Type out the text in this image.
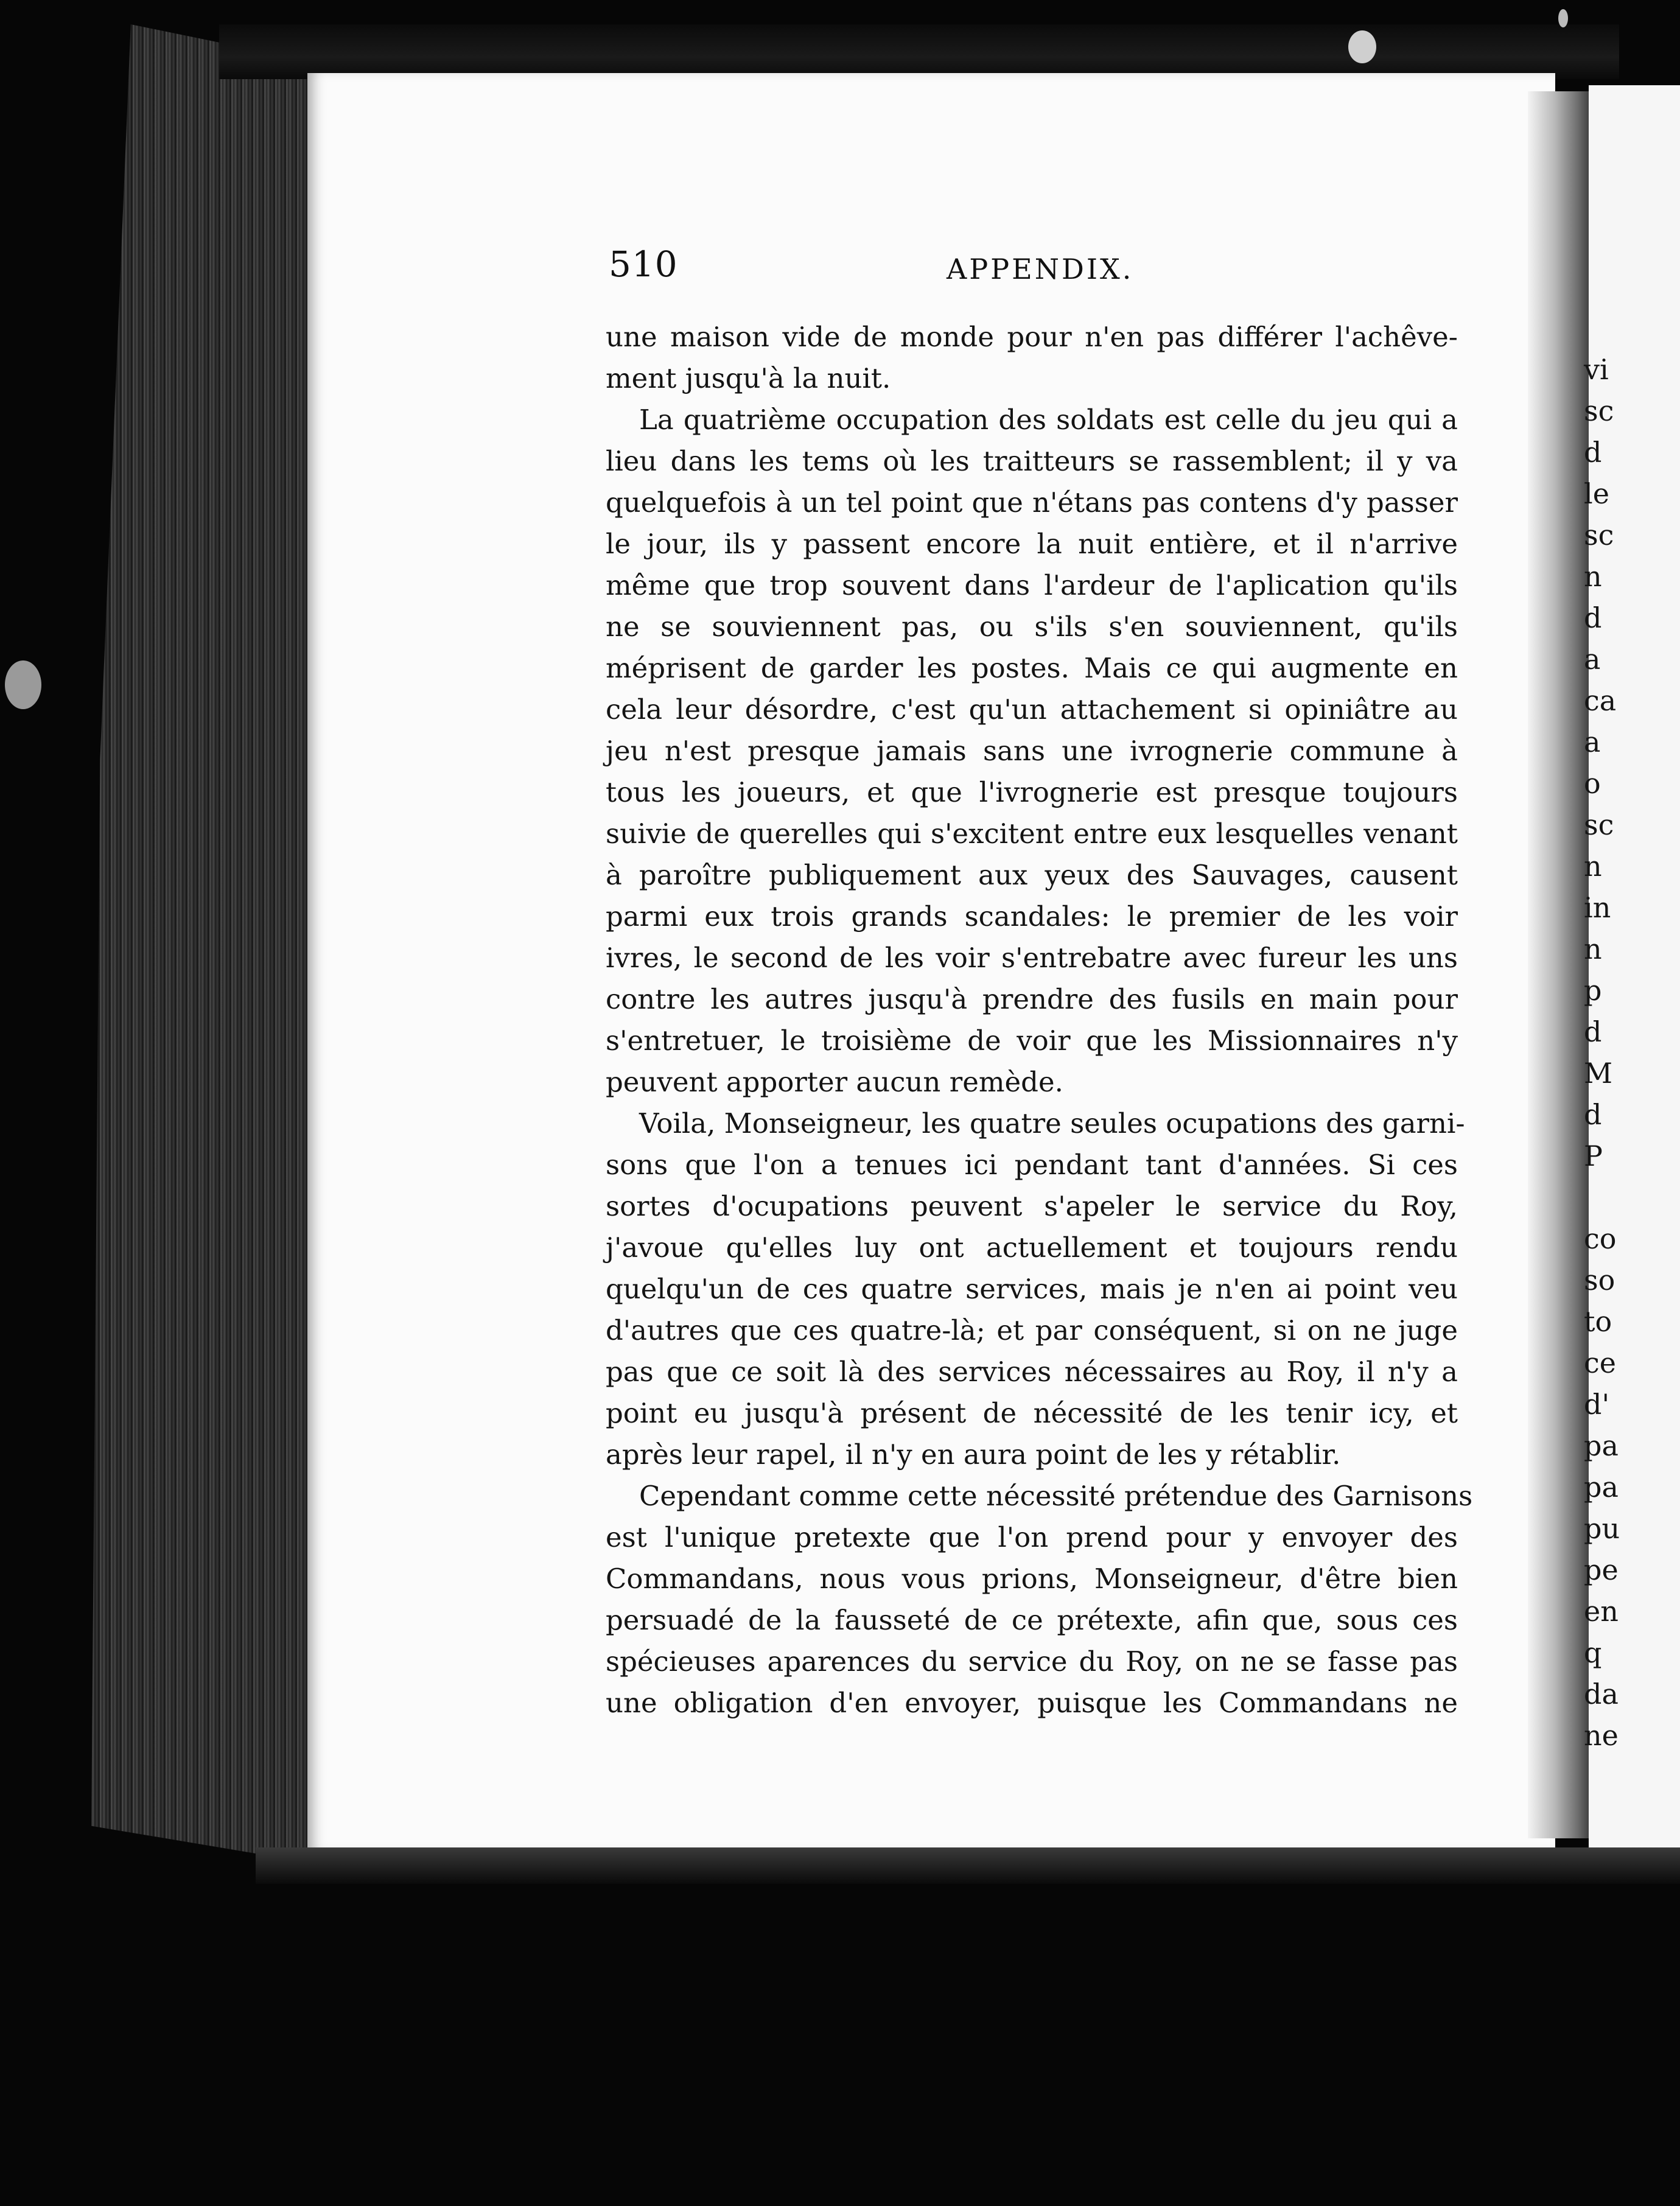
510	APPENDIX.
une maison vide de monde pour n'en pas différer l'achêve-
ment jusqu'à la nuit.
La quatrième occupation des soldats est celle du jeu qui a
lieu dans les tems où les traitteurs se rassemblent; il y va
quelquefois à un tel point que n'étans pas contens d'y passer
le jour, ils y passent encore la nuit entière, et il n'arrive
même que trop souvent dans l'ardeur de l'aplication qu'ils
ne se souviennent pas, ou s'ils s'en souviennent, qu'ils
méprisent de garder les postes. Mais ce qui augmente en
cela leur désordre, c'est qu'un attachement si opiniâtre au
jeu n'est presque jamais sans une ivrognerie commune à
tous les joueurs, et que l'ivrognerie est presque toujours
suivie de querelles qui s'excitent entre eux lesquelles venant
à paroître publiquement aux yeux des Sauvages, causent
parmi eux trois grands scandales: le premier de les voir
ivres, le second de les voir s'entrebatre avec fureur les uns
contre les autres jusqu'à prendre des fusils en main pour
s'entretuer, le troisième de voir que les Missionnaires n'y
peuvent apporter aucun remède.
Voila, Monseigneur, les quatre seules ocupations des garni-
sons que l'on a tenues ici pendant tant d'années. Si ces
sortes d'ocupations peuvent s'apeler le service du Roy,
j'avoue qu'elles luy ont actuellement et toujours rendu
quelqu'un de ces quatre services, mais je n'en ai point veu
d'autres que ces quatre-là; et par conséquent, si on ne juge
pas que ce soit là des services nécessaires au Roy, il n'y a
point eu jusqu'à présent de nécessité de les tenir icy, et
après leur rapel, il n'y en aura point de les y rétablir.
Cependant comme cette nécessité prétendue des Garnisons
est l'unique pretexte que l'on prend pour y envoyer des
Commandans, nous vous prions, Monseigneur, d'être bien
persuadé de la fausseté de ce prétexte, afin que, sous ces
spécieuses aparences du service du Roy, on ne se fasse pas
une obligation d'en envoyer, puisque les Commandans ne
vi
sc
d
le
sc
n
d
a
ca
a
o
sc
n
in
n
p
d
M
d
P
co
so
to
ce
d'
pa
pa
pu
pe
en
q
da
ne
